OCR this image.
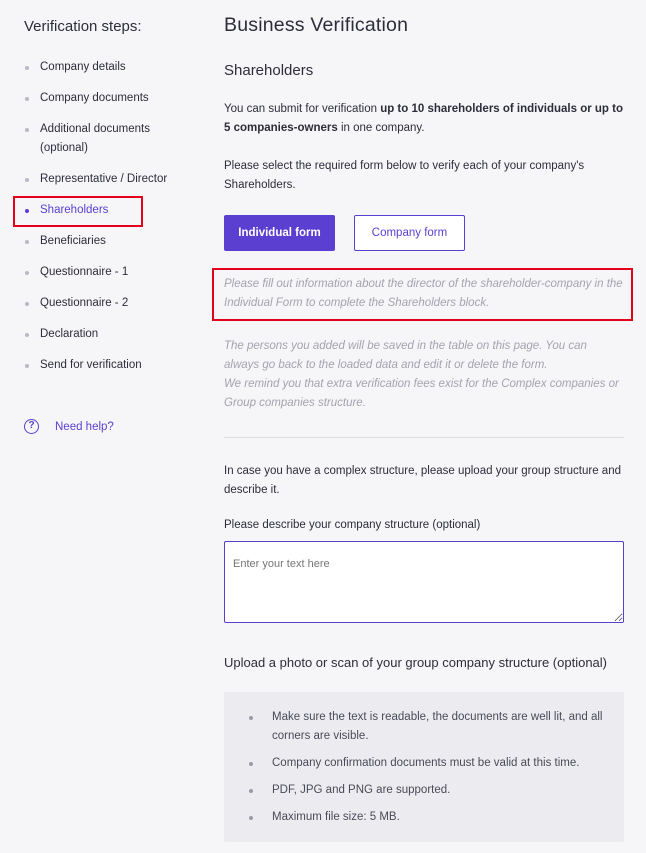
Verification steps:
Company details
Company documents
Additional documents (optional)
Representative / Director
Shareholders
Beneficiaries
Questionnaire - 1
Questionnaire - 2
Declaration
Send for verification
?	Need help?
Business Verification
Shareholders

You can submit for verification up to 10 shareholders of individuals or up to 5 companies-owners in one company.

Please select the required form below to verify each of your company's Shareholders.

Individual form	Company form

Please fill out information about the director of the shareholder-company in the Individual Form to complete the Shareholders block.

The persons you added will be saved in the table on this page. You can always go back to the loaded data and edit it or delete the form.

We remind you that extra verification fees exist for the Complex companies or Group companies structure.

In case you have a complex structure, please upload your group structure and describe it.

Please describe your company structure (optional)
Enter your text here
Upload a photo or scan of your group company structure (optional)
Make sure the text is readable, the documents are well lit, and all corners are visible.
Company confirmation documents must be valid at this time.
PDF, JPG and PNG are supported.
Maximum file size: 5 MB.
